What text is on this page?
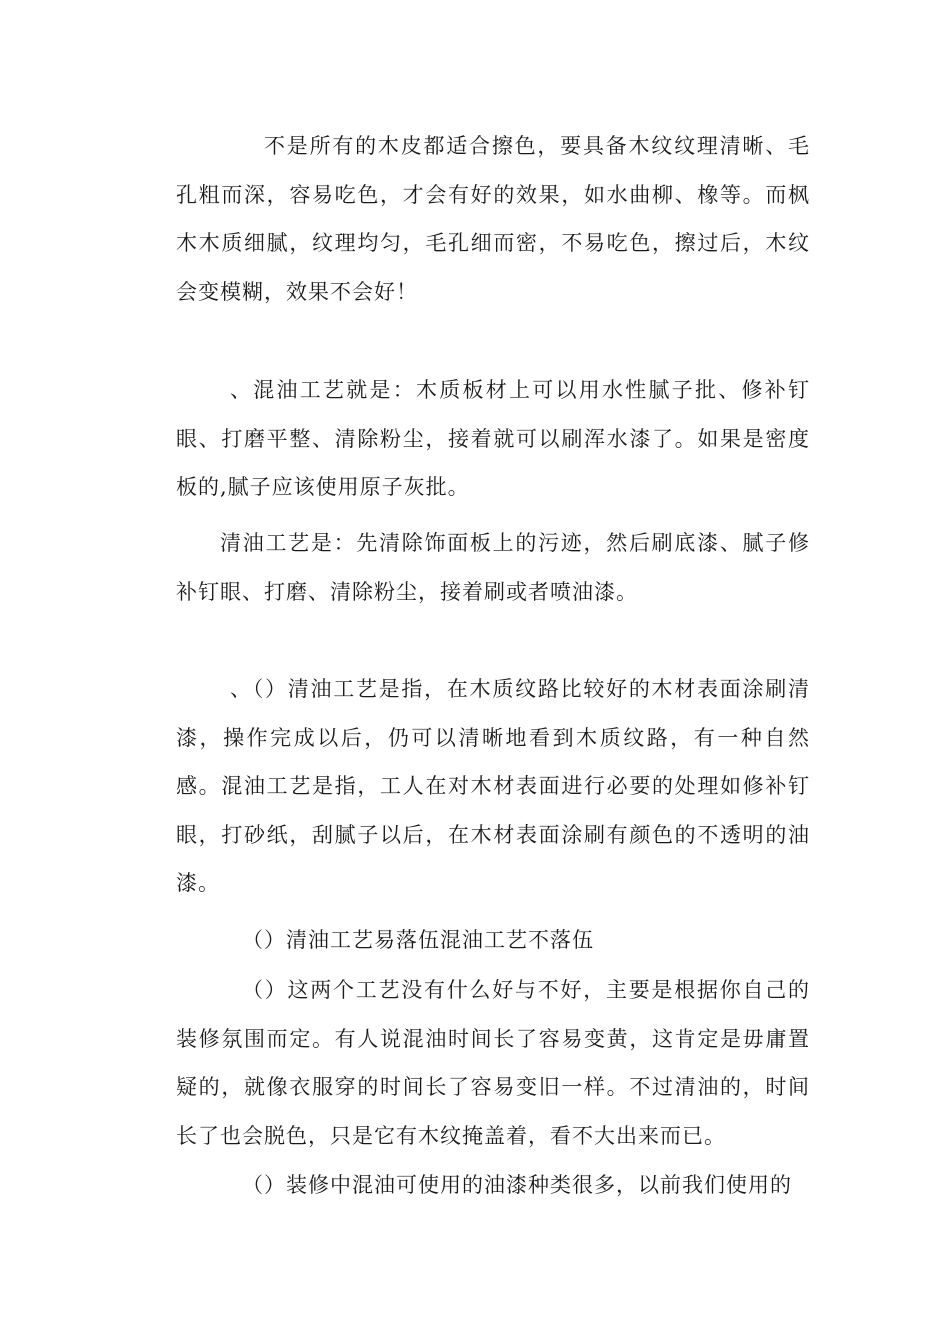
不是所有的木皮都适合擦色，要具备木纹纹理清晰、毛孔粗而深，容易吃色，才会有好的效果，如水曲柳、橡等。而枫木木质细腻，纹理均匀，毛孔细而密，不易吃色，擦过后，木纹会变模糊，效果不会好！

、混油工艺就是：木质板材上可以用水性腻子批、修补钉眼、打磨平整、清除粉尘，接着就可以刷浑水漆了。如果是密度板的,腻子应该使用原子灰批。

清油工艺是：先清除饰面板上的污迹，然后刷底漆、腻子修补钉眼、打磨、清除粉尘，接着刷或者喷油漆。

、（）清油工艺是指，在木质纹路比较好的木材表面涂刷清漆，操作完成以后，仍可以清晰地看到木质纹路，有一种自然感。混油工艺是指，工人在对木材表面进行必要的处理如修补钉眼，打砂纸，刮腻子以后，在木材表面涂刷有颜色的不透明的油漆。

（）清油工艺易落伍混油工艺不落伍

（）这两个工艺没有什么好与不好，主要是根据你自己的装修氛围而定。有人说混油时间长了容易变黄，这肯定是毋庸置疑的，就像衣服穿的时间长了容易变旧一样。不过清油的，时间长了也会脱色，只是它有木纹掩盖着，看不大出来而已。

（）装修中混油可使用的油漆种类很多，以前我们使用的
